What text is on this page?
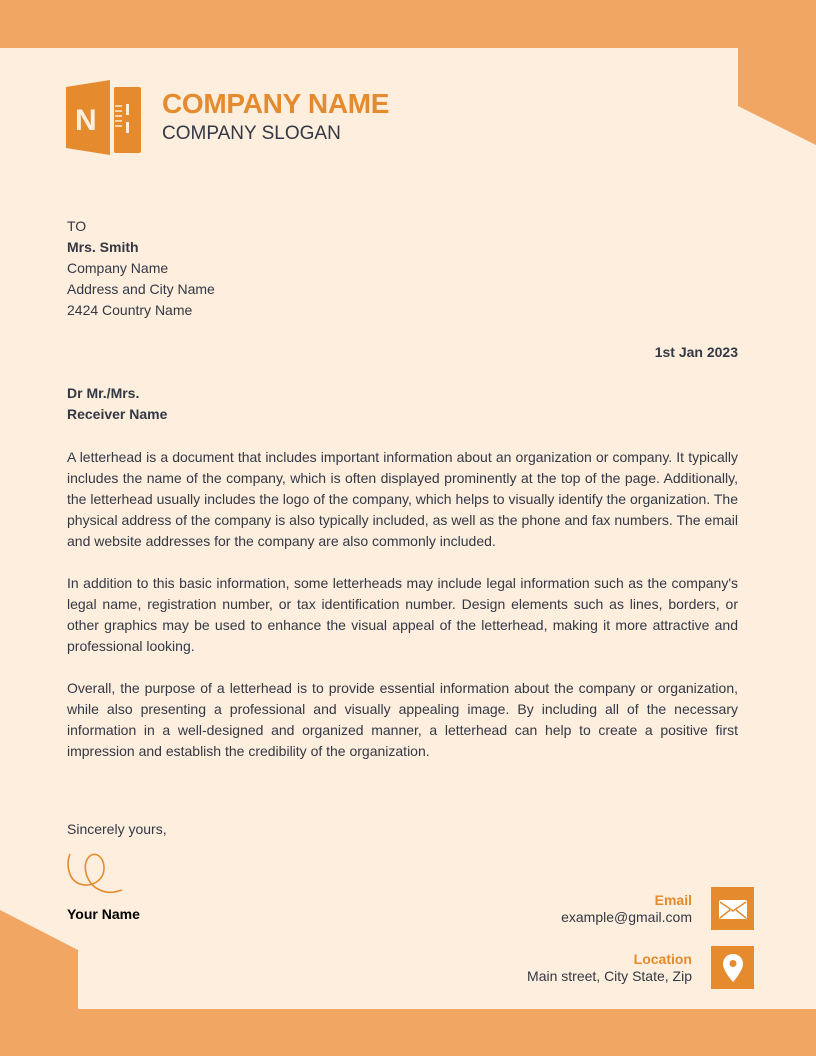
N
COMPANY NAME
COMPANY SLOGAN
TO
Mrs. Smith
Company Name
Address and City Name
2424 Country Name
1st Jan 2023
Dr Mr./Mrs.
Receiver Name

A letterhead is a document that includes important information about an organization or company. It typically includes the name of the company, which is often displayed prominently at the top of the page. Additionally, the letterhead usually includes the logo of the company, which helps to visually identify the organization. The physical address of the company is also typically included, as well as the phone and fax numbers. The email and website addresses for the company are also commonly included.

In addition to this basic information, some letterheads may include legal information such as the company's legal name, registration number, or tax identification number. Design elements such as lines, borders, or other graphics may be used to enhance the visual appeal of the letterhead, making it more attractive and professional looking.

Overall, the purpose of a letterhead is to provide essential information about the company or organization, while also presenting a professional and visually appealing image. By including all of the necessary information in a well-designed and organized manner, a letterhead can help to create a positive first impression and establish the credibility of the organization.

Sincerely yours,
Your Name
Email
example@gmail.com
Location
Main street, City State, Zip
